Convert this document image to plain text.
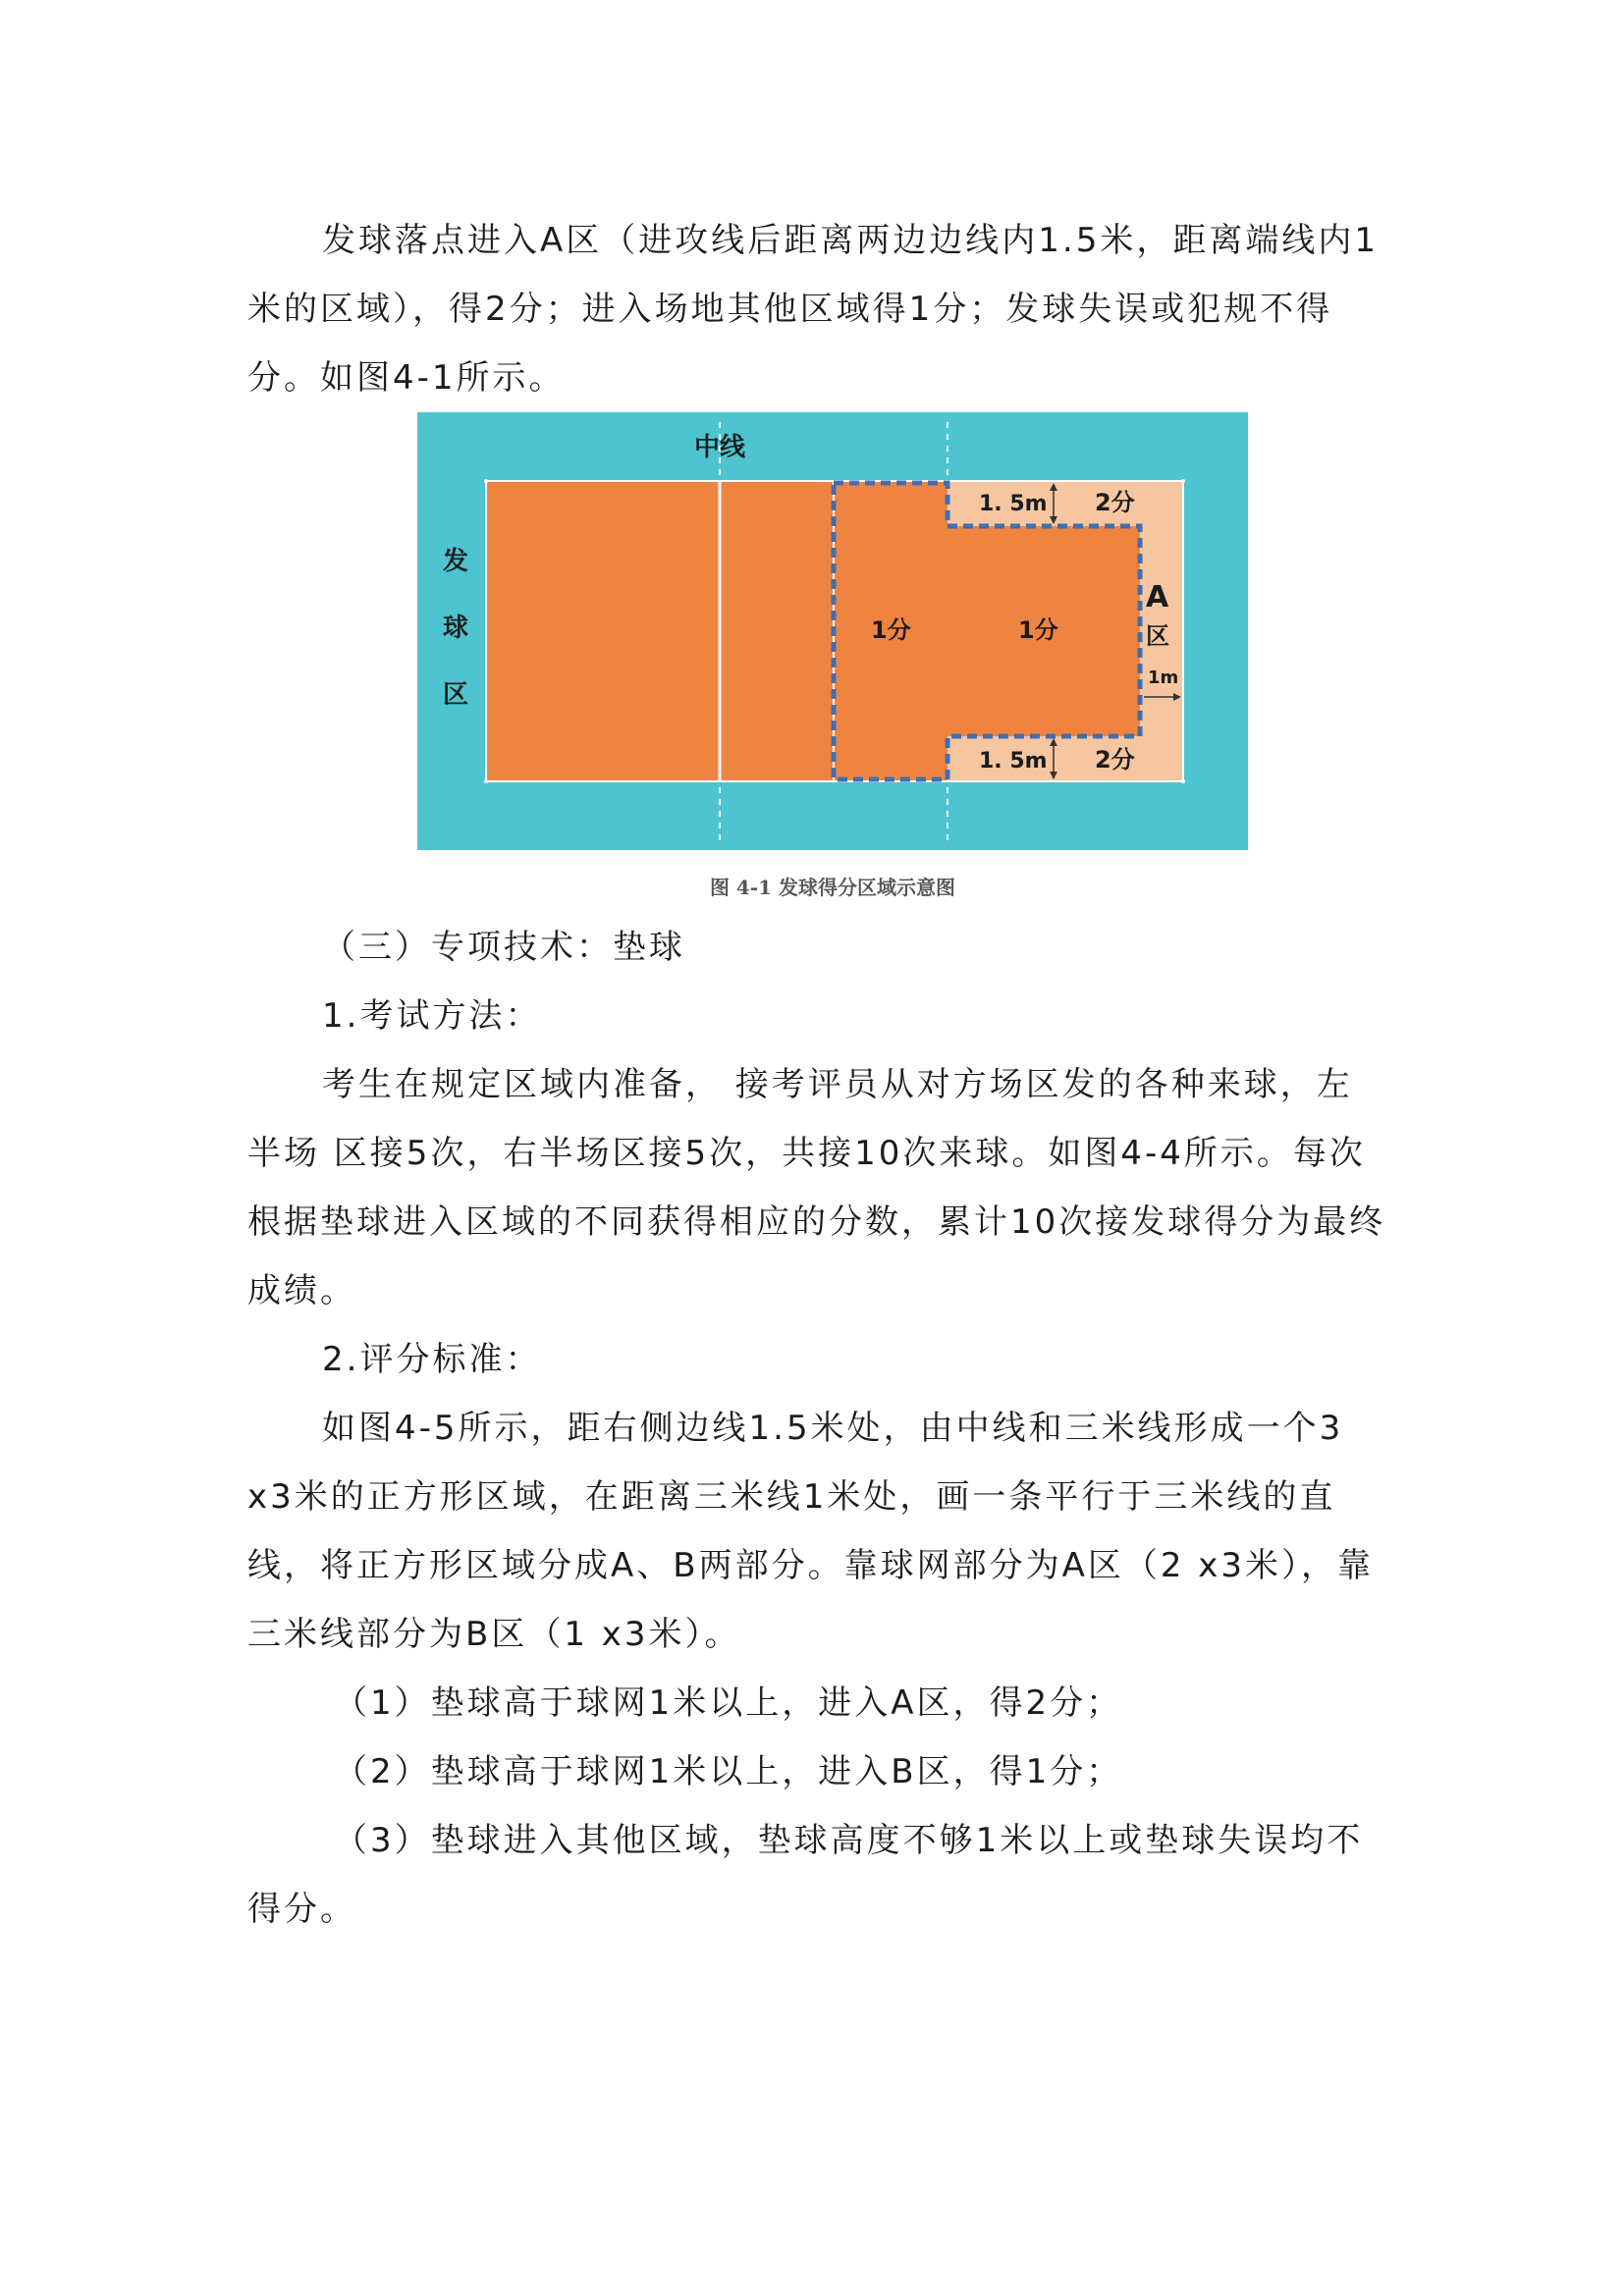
发球落点进入A区（进攻线后距离两边边线内1.5米，距离端线内1米的区域），得2分；进入场地其他区域得1分；发球失误或犯规不得分。如图4-1所示。

中线
发
球
区
1. 5m
1. 5m
2分
2分
1分	1分
A
区
1m
图 4-1 发球得分区域示意图

（三）专项技术：垫球

1.考试方法：

考生在规定区域内准备， 接考评员从对方场区发的各种来球，左半场 区接5次，右半场区接5次，共接10次来球。如图4-4所示。每次根据垫球进入区域的不同获得相应的分数，累计10次接发球得分为最终成绩。

2.评分标准：

如图4-5所示，距右侧边线1.5米处，由中线和三米线形成一个3 x3米的正方形区域，在距离三米线1米处，画一条平行于三米线的直线，将正方形区域分成A、B两部分。靠球网部分为A区（2 x3米），靠三米线部分为B区（1 x3米）。

（1）垫球高于球网1米以上，进入A区，得2分；

（2）垫球高于球网1米以上，进入B区，得1分；

（3）垫球进入其他区域，垫球高度不够1米以上或垫球失误均不得分。
